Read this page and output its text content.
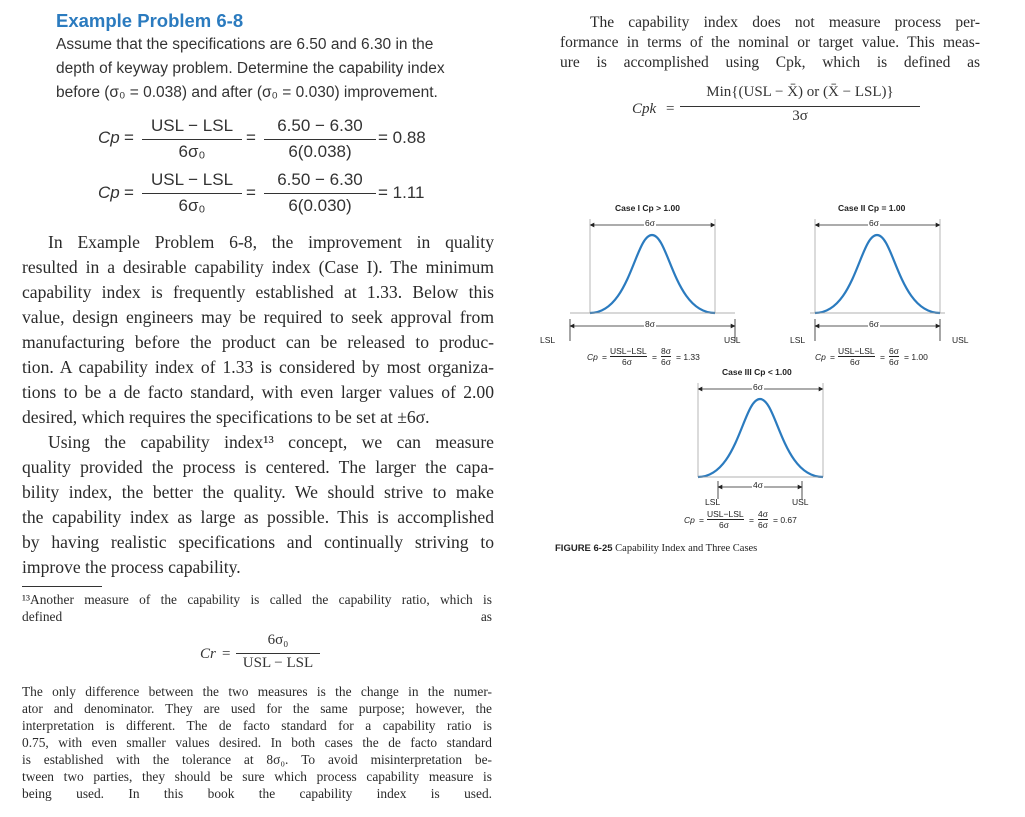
Example Problem 6-8
Assume that the specifications are 6.50 and 6.30 in the
depth of keyway problem. Determine the capability index
before (σ₀ = 0.038) and after (σ₀ = 0.030) improvement.
Cp =
USL − LSL
6σ₀
=
6.50 − 6.30
6(0.038)
= 0.88
Cp =
USL − LSL
6σ₀
=
6.50 − 6.30
6(0.030)
= 1.11
In Example Problem 6-8, the improvement in quality
resulted in a desirable capability index (Case I). The minimum
capability index is frequently established at 1.33. Below this
value, design engineers may be required to seek approval from
manufacturing before the product can be released to produc-
tion. A capability index of 1.33 is considered by most organiza-
tions to be a de facto standard, with even larger values of 2.00
desired, which requires the specifications to be set at ±6σ.
Using the capability index¹³ concept, we can measure
quality provided the process is centered. The larger the capa-
bility index, the better the quality. We should strive to make
the capability index as large as possible. This is accomplished
by having realistic specifications and continually striving to
improve the process capability.
¹³Another measure of the capability is called the capability ratio, which is
defined as
Cr =
6σ₀
USL − LSL
The only difference between the two measures is the change in the numer-
ator and denominator. They are used for the same purpose; however, the
interpretation is different. The de facto standard for a capability ratio is
0.75, with even smaller values desired. In both cases the de facto standard
is established with the tolerance at 8σ₀. To avoid misinterpretation be-
tween two parties, they should be sure which process capability measure is
being used. In this book the capability index is used.
The capability index does not measure process per-
formance in terms of the nominal or target value. This meas-
ure is accomplished using Cpk, which is defined as
Cpk =
Min{(USL − X̄) or (X̄ − LSL)}
3σ
Case I Cp > 1.00
6σ
8σ
LSL	USL
Cp =
USL−LSL
6σ =
8σ
6σ = 1.33
Case II Cp = 1.00
6σ
6σ
LSL	USL
Cp =
USL−LSL
6σ =
6σ
6σ = 1.00
Case III Cp < 1.00
6σ
4σ
LSL	USL
Cp =
USL−LSL
6σ =
4σ
6σ = 0.67
FIGURE 6-25 Capability Index and Three Cases
